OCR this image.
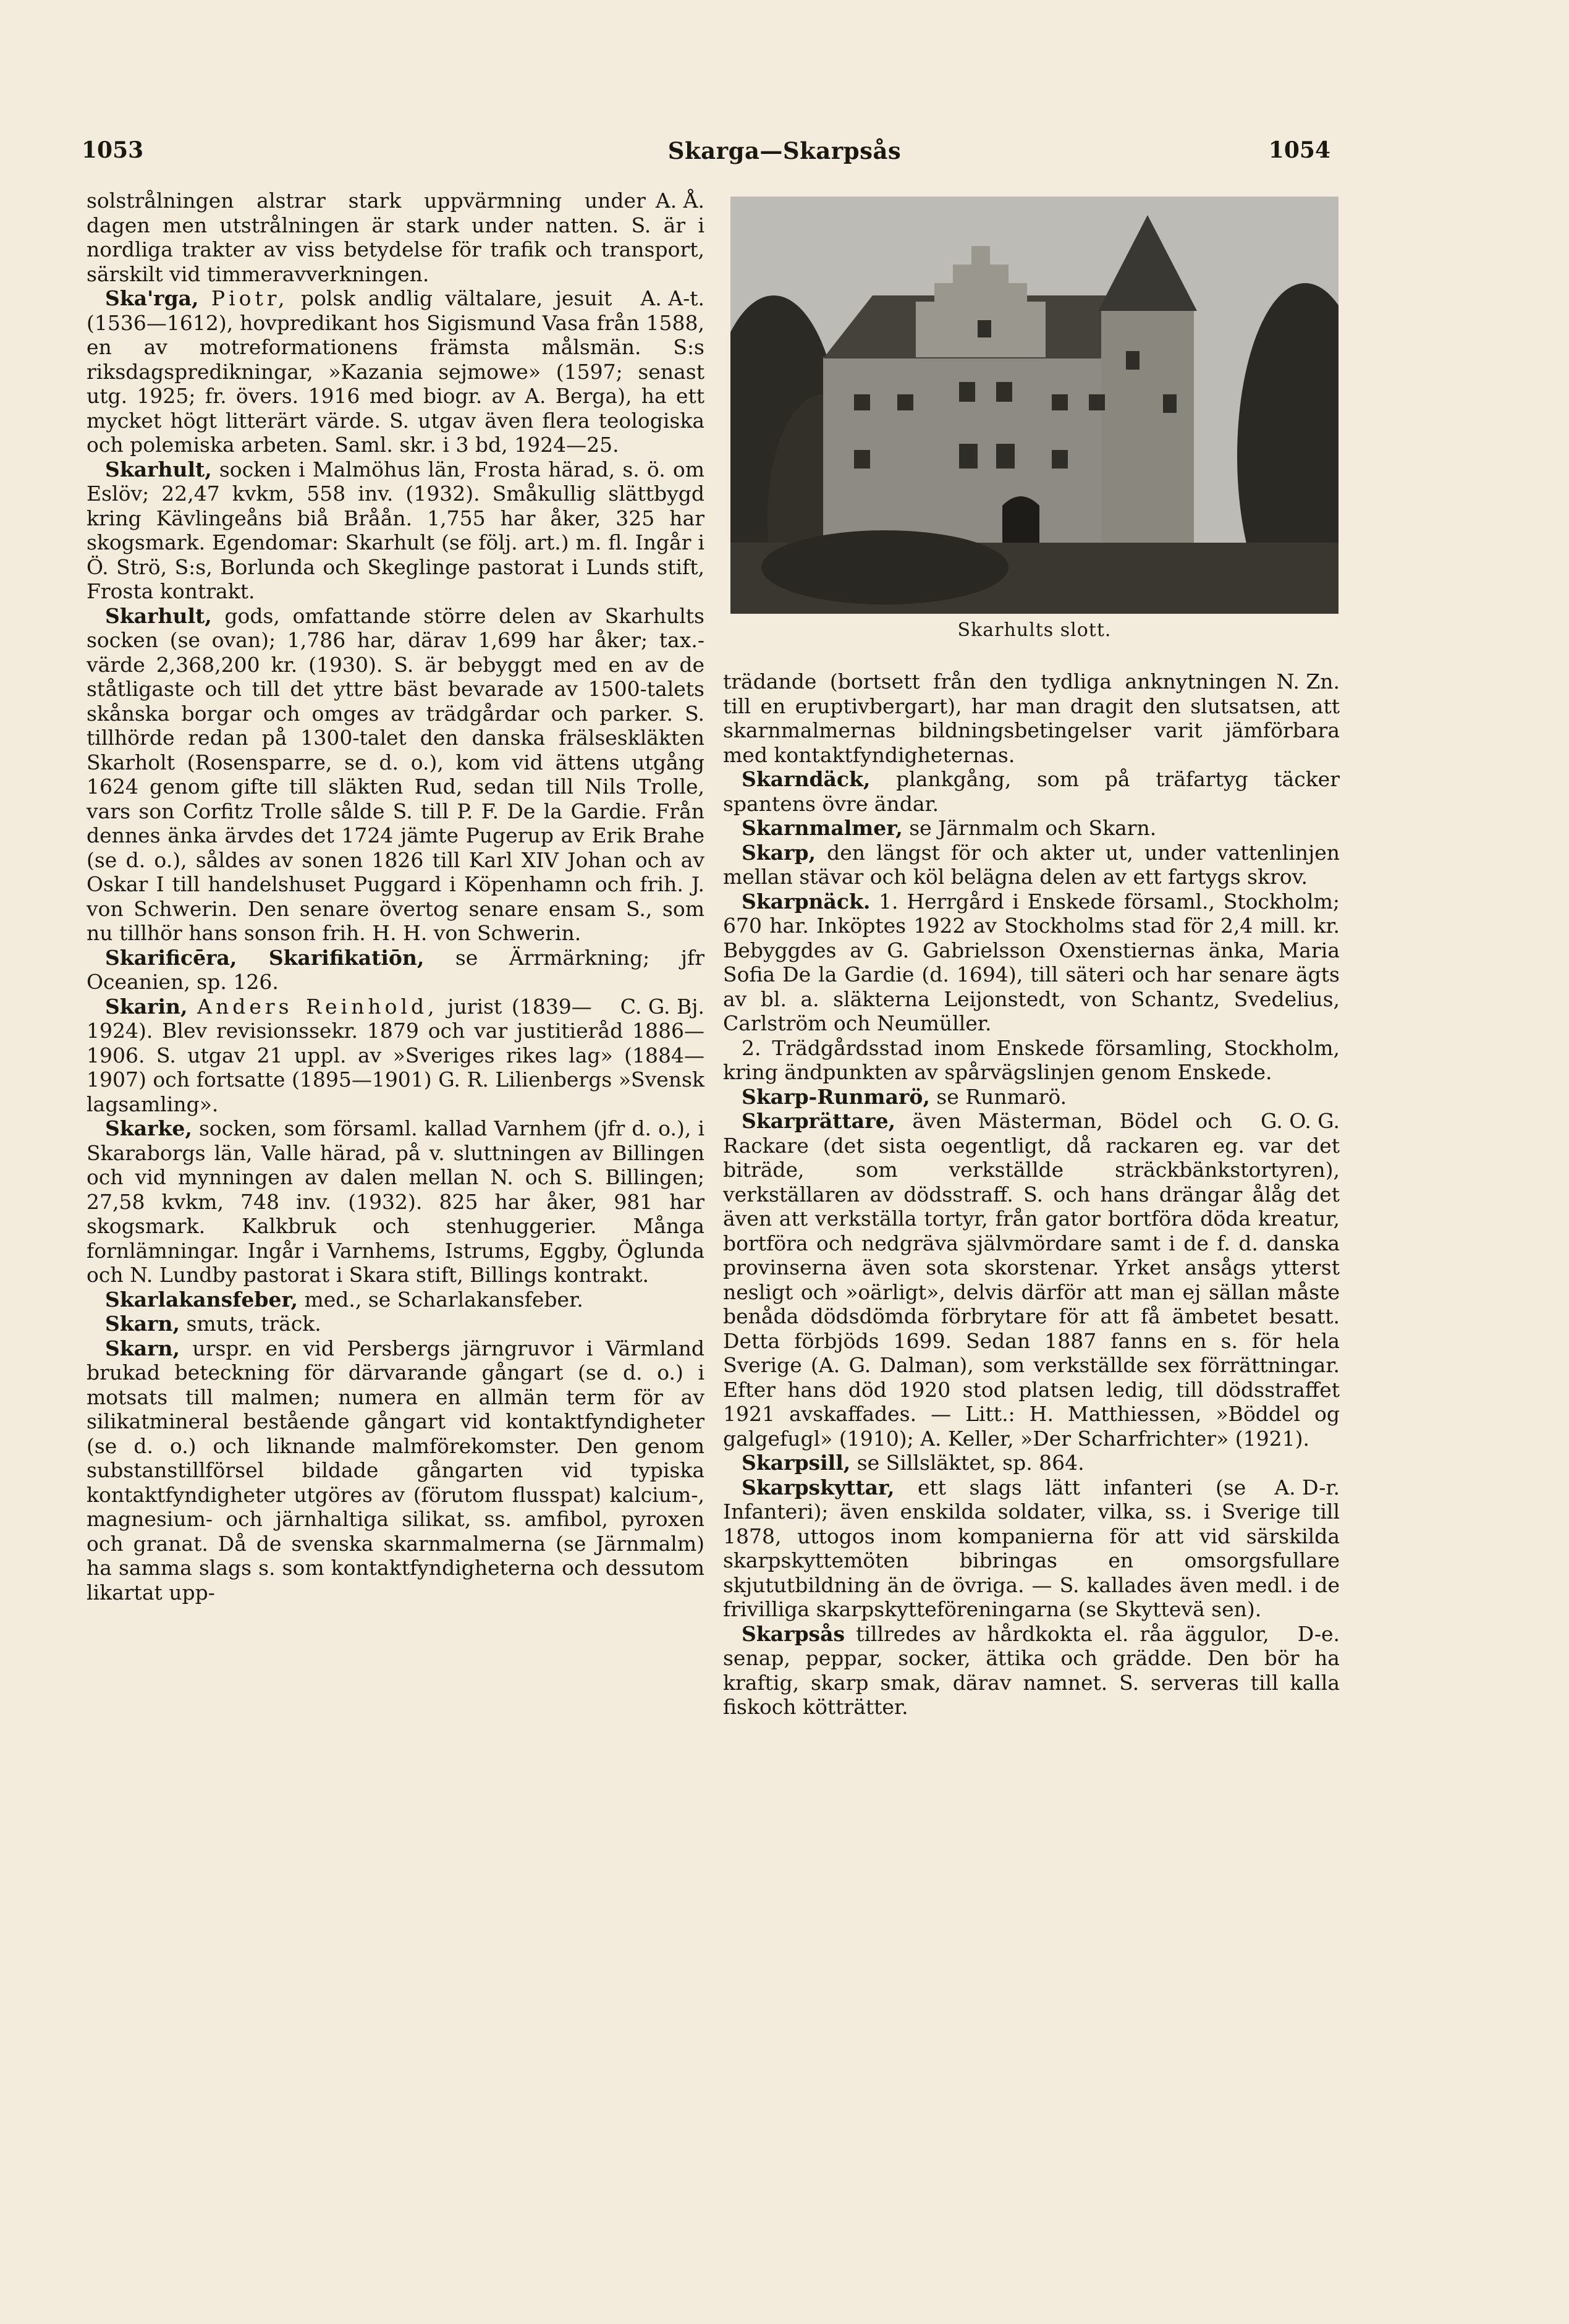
1053	Skarga—Skarpsås	1054

A. Å.
solstrålningen alstrar stark uppvärmning under dagen men utstrålningen är stark under natten. S. är i nordliga trakter av viss betydelse för trafik och transport, särskilt vid timmeravverkningen.

A. A-t.
Ska'rga, Piotr, polsk andlig vältalare, jesuit (1536—1612), hovpredikant hos Sigismund Vasa från 1588, en av motreformationens främsta målsmän. S:s riksdagspredikningar, »Kazania sejmowe» (1597; senast utg. 1925; fr. övers. 1916 med biogr. av A. Berga), ha ett mycket högt litterärt värde. S. utgav även flera teologiska och polemiska arbeten. Saml. skr. i 3 bd, 1924—25.

Skarhult, socken i Malmöhus län, Frosta härad, s. ö. om Eslöv; 22,47 kvkm, 558 inv. (1932). Småkullig slättbygd kring Kävlingeåns biå Bråån. 1,755 har åker, 325 har skogsmark. Egendomar: Skarhult (se följ. art.) m. fl. Ingår i Ö. Strö, S:s, Borlunda och Skeglinge pastorat i Lunds stift, Frosta kontrakt.

Skarhult, gods, omfattande större delen av Skarhults socken (se ovan); 1,786 har, därav 1,699 har åker; tax.-värde 2,368,200 kr. (1930). S. är bebyggt med en av de ståtligaste och till det yttre bäst bevarade av 1500-talets skånska borgar och omges av trädgårdar och parker. S. tillhörde redan på 1300-talet den danska frälseskläkten Skarholt (Rosensparre, se d. o.), kom vid ättens utgång 1624 genom gifte till släkten Rud, sedan till Nils Trolle, vars son Corfitz Trolle sålde S. till P. F. De la Gardie. Från dennes änka ärvdes det 1724 jämte Pugerup av Erik Brahe (se d. o.), såldes av sonen 1826 till Karl XIV Johan och av Oskar I till handelshuset Puggard i Köpenhamn och frih. J. von Schwerin. Den senare övertog senare ensam S., som nu tillhör hans sonson frih. H. H. von Schwerin.

Skarificēra, Skarifikatiōn, se Ärrmärkning; jfr Oceanien, sp. 126.

C. G. Bj.
Skarin, Anders Reinhold, jurist (1839—1924). Blev revisionssekr. 1879 och var justitieråd 1886—1906. S. utgav 21 uppl. av »Sveriges rikes lag» (1884—1907) och fortsatte (1895—1901) G. R. Lilienbergs »Svensk lagsamling».

Skarke, socken, som församl. kallad Varnhem (jfr d. o.), i Skaraborgs län, Valle härad, på v. sluttningen av Billingen och vid mynningen av dalen mellan N. och S. Billingen; 27,58 kvkm, 748 inv. (1932). 825 har åker, 981 har skogsmark. Kalkbruk och stenhuggerier. Många fornlämningar. Ingår i Varnhems, Istrums, Eggby, Öglunda och N. Lundby pastorat i Skara stift, Billings kontrakt.

Skarlakansfeber, med., se Scharlakansfeber.

Skarn, smuts, träck.

Skarn, urspr. en vid Persbergs järngruvor i Värmland brukad beteckning för därvarande gångart (se d. o.) i motsats till malmen; numera en allmän term för av silikatmineral bestående gångart vid kontaktfyndigheter (se d. o.) och liknande malmförekomster. Den genom substanstillförsel bildade gångarten vid typiska kontaktfyndigheter utgöres av (förutom flusspat) kalcium-, magnesium- och järnhaltiga silikat, ss. amfibol, pyroxen och granat. Då de svenska skarnmalmerna (se Järnmalm) ha samma slags s. som kontaktfyndigheterna och dessutom likartat upp-

Skarhults slott.

N. Zn.
trädande (bortsett från den tydliga anknytningen till en eruptivbergart), har man dragit den slutsatsen, att skarnmalmernas bildningsbetingelser varit jämförbara med kontaktfyndigheternas.

Skarndäck, plankgång, som på träfartyg täcker spantens övre ändar.

Skarnmalmer, se Järnmalm och Skarn.

Skarp, den längst för och akter ut, under vattenlinjen mellan stävar och köl belägna delen av ett fartygs skrov.

Skarpnäck. 1. Herrgård i Enskede församl., Stockholm; 670 har. Inköptes 1922 av Stockholms stad för 2,4 mill. kr. Bebyggdes av G. Gabrielsson Oxenstiernas änka, Maria Sofia De la Gardie (d. 1694), till säteri och har senare ägts av bl. a. släkterna Leijonstedt, von Schantz, Svedelius, Carlström och Neumüller.

2. Trädgårdsstad inom Enskede församling, Stockholm, kring ändpunkten av spårvägslinjen genom Enskede.

Skarp-Runmarö, se Runmarö.

G. O. G.
Skarprättare, även Mästerman, Bödel och Rackare (det sista oegentligt, då rackaren eg. var det biträde, som verkställde sträckbänkstortyren), verkställaren av dödsstraff. S. och hans drängar ålåg det även att verkställa tortyr, från gator bortföra döda kreatur, bortföra och nedgräva självmördare samt i de f. d. danska provinserna även sota skorstenar. Yrket ansågs ytterst nesligt och »oärligt», delvis därför att man ej sällan måste benåda dödsdömda förbrytare för att få ämbetet besatt. Detta förbjöds 1699. Sedan 1887 fanns en s. för hela Sverige (A. G. Dalman), som verkställde sex förrättningar. Efter hans död 1920 stod platsen ledig, till dödsstraffet 1921 avskaffades. — Litt.: H. Matthiessen, »Böddel og galgefugl» (1910); A. Keller, »Der Scharfrichter» (1921).

Skarpsill, se Sillsläktet, sp. 864.

A. D-r.
Skarpskyttar, ett slags lätt infanteri (se Infanteri); även enskilda soldater, vilka, ss. i Sverige till 1878, uttogos inom kompanierna för att vid särskilda skarpskyttemöten bibringas en omsorgsfullare skjututbildning än de övriga. — S. kallades även medl. i de frivilliga skarpskytteföreningarna (se Skyttevä sen).

D-e.
Skarpsås tillredes av hårdkokta el. råa äggulor, senap, peppar, socker, ättika och grädde. Den bör ha kraftig, skarp smak, därav namnet. S. serveras till kalla fiskoch kötträtter.
